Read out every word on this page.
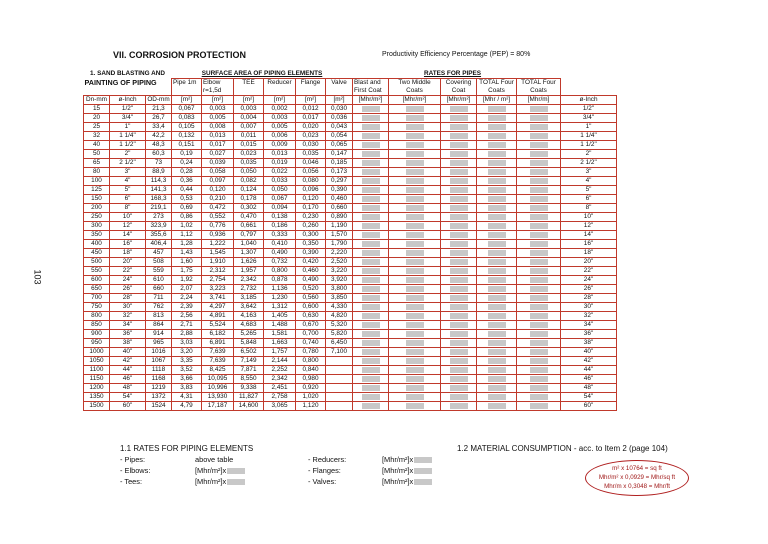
103
VII. CORROSION PROTECTION	Productivity Efficiency Percentage (PEP) = 80%
1. SAND BLASTING AND			SURFACE AREA OF PIPING ELEMENTS						RATES FOR PIPES						
PAINTING OF PIPING			Pipe 1m	Elbow r=1,5d	TEE	Reducer	Flange	Valve	Blast and First Coat	Two Middle Coats	Covering Coat	TOTAL Four Coats	TOTAL Four Coats		
Dn-mm	ø-Inch	OD-mm	[m²]	[m²]	[m²]	[m²]	[m²]	[m²]	[Mhr/m²]	[Mhr/m²]	[Mhr/m²]	[Mhr / m²]	[Mhr/m]		ø-Inch
15	1/2"	21,3	0,067	0,003	0,003	0,002	0,012	0,030							1/2"
20	3/4"	26,7	0,083	0,005	0,004	0,003	0,017	0,036							3/4"
25	1"	33,4	0,105	0,008	0,007	0,005	0,020	0,043							1"
32	1 1/4"	42,2	0,132	0,013	0,011	0,006	0,023	0,054							1 1/4"
40	1 1/2"	48,3	0,151	0,017	0,015	0,009	0,030	0,065							1 1/2"
50	2"	60,3	0,19	0,027	0,023	0,013	0,035	0,147							2"
65	2 1/2"	73	0,24	0,039	0,035	0,019	0,046	0,185							2 1/2"
80	3"	88,9	0,28	0,058	0,050	0,022	0,056	0,173							3"
100	4"	114,3	0,36	0,097	0,082	0,033	0,080	0,297							4"
125	5"	141,3	0,44	0,120	0,124	0,050	0,096	0,390							5"
150	6"	168,3	0,53	0,210	0,178	0,067	0,120	0,460							6"
200	8"	219,1	0,69	0,472	0,302	0,094	0,170	0,660							8"
250	10"	273	0,86	0,552	0,470	0,138	0,230	0,890							10"
300	12"	323,9	1,02	0,776	0,661	0,186	0,260	1,190							12"
350	14"	355,6	1,12	0,936	0,797	0,333	0,300	1,570							14"
400	16"	406,4	1,28	1,222	1,040	0,410	0,350	1,790							16"
450	18"	457	1,43	1,545	1,307	0,490	0,390	2,220							18"
500	20"	508	1,60	1,910	1,626	0,732	0,420	2,520							20"
550	22"	559	1,75	2,312	1,957	0,800	0,460	3,220							22"
600	24"	610	1,92	2,754	2,342	0,878	0,490	3,920							24"
650	26"	660	2,07	3,223	2,732	1,136	0,520	3,800							26"
700	28"	711	2,24	3,741	3,185	1,230	0,560	3,850							28"
750	30"	762	2,39	4,297	3,642	1,312	0,600	4,330							30"
800	32"	813	2,56	4,891	4,163	1,405	0,630	4,820							32"
850	34"	864	2,71	5,524	4,683	1,488	0,670	5,320							34"
900	36"	914	2,88	6,182	5,265	1,581	0,700	5,820							36"
950	38"	965	3,03	6,891	5,848	1,663	0,740	6,450							38"
1000	40"	1016	3,20	7,639	6,502	1,757	0,780	7,100							40"
1050	42"	1067	3,35	7,639	7,149	2,144	0,800								42"
1100	44"	1118	3,52	8,425	7,871	2,252	0,840								44"
1150	46"	1168	3,66	10,095	8,550	2,342	0,980								46"
1200	48"	1219	3,83	10,996	9,338	2,451	0,920								48"
1350	54"	1372	4,31	13,930	11,827	2,758	1,020								54"
1500	60"	1524	4,79	17,187	14,600	3,065	1,120								60"
1.1 RATES FOR PIPING ELEMENTS
- Pipes:	above table
- Elbows:	[Mhr/m²]x
- Tees:	[Mhr/m²]x
- Reducers:	[Mhr/m²]x
- Flanges:	[Mhr/m²]x
- Valves:	[Mhr/m²]x
1.2 MATERIAL CONSUMPTION - acc. to Item 2 (page 104)
m² x 10764 = sq ft
Mhr/m² x 0,0929 = Mhr/sq ft
Mhr/m x 0,3048 = Mhr/ft
